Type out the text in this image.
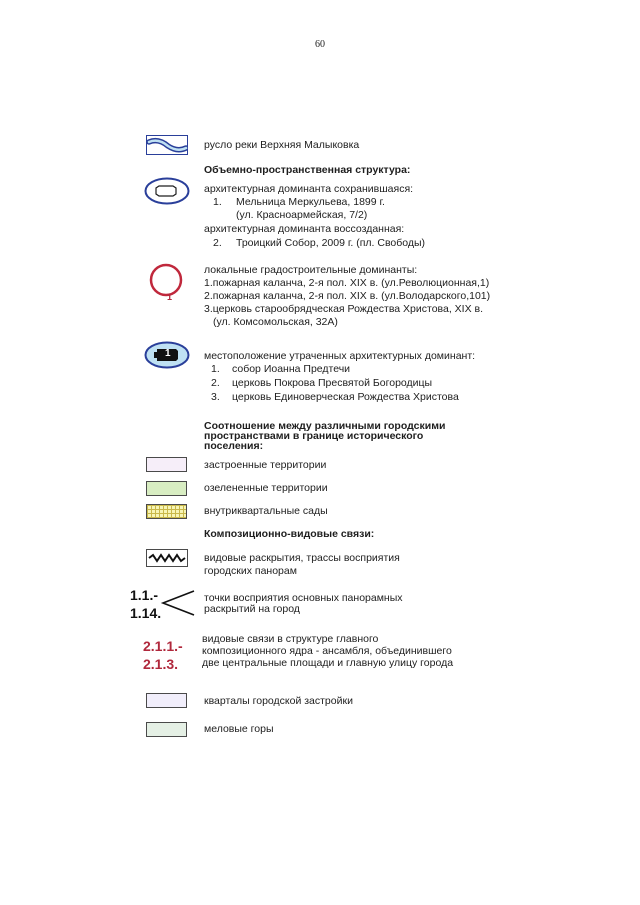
60
русло реки Верхняя Малыковка
Объемно-пространственная структура:
архитектурная доминанта сохранившаяся:
1. Мельница Меркульева, 1899 г.
(ул. Красноармейская, 7/2)
архитектурная доминанта воссозданная:
2. Троицкий Собор, 2009 г. (пл. Свободы)
1
локальные градостроительные доминанты:
1.пожарная каланча, 2-я пол. XIX в. (ул.Революционная,1)
2.пожарная каланча, 2-я пол. XIX в. (ул.Володарского,101)
3.церковь старообрядческая Рождества Христова, XIX в.
(ул. Комсомольская, 32А)
1	местоположение утраченных архитектурных доминант:
1. собор Иоанна Предтечи
2. церковь Покрова Пресвятой Богородицы
3. церковь Единоверческая Рождества Христова
Соотношение между различными городскими
пространствами в границе исторического
поселения:
застроенные территории
озелененные территории
внутриквартальные сады
Композиционно-видовые связи:
видовые раскрытия, трассы восприятия
городских панорам
1.1.-
1.14.
точки восприятия основных панорамных
раскрытий на город
2.1.1.-
2.1.3.
видовые связи в структуре главного
композиционного ядра - ансамбля, объединившего
две центральные площади и главную улицу города
кварталы городской застройки
меловые горы
